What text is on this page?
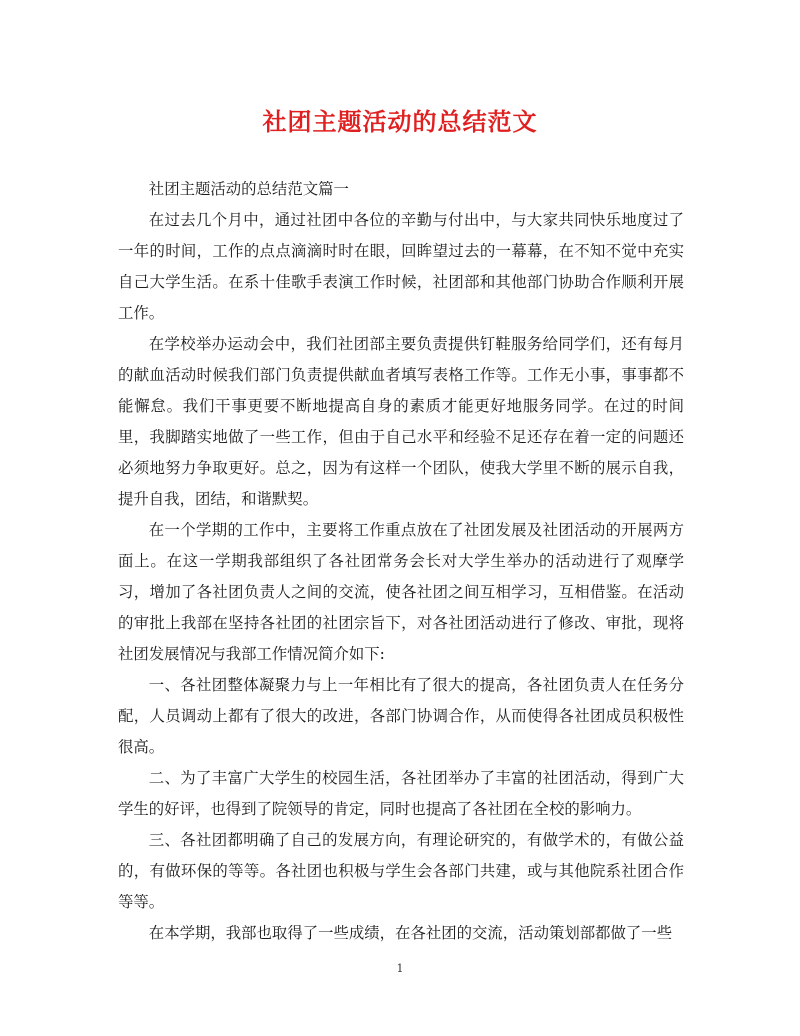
社团主题活动的总结范文

社团主题活动的总结范文篇一

在过去几个月中，通过社团中各位的辛勤与付出中，与大家共同快乐地度过了一年的时间，工作的点点滴滴时时在眼，回眸望过去的一幕幕，在不知不觉中充实自己大学生活。在系十佳歌手表演工作时候，社团部和其他部门协助合作顺利开展工作。

在学校举办运动会中，我们社团部主要负责提供钉鞋服务给同学们，还有每月的献血活动时候我们部门负责提供献血者填写表格工作等。工作无小事，事事都不能懈怠。我们干事更要不断地提高自身的素质才能更好地服务同学。在过的时间里，我脚踏实地做了一些工作，但由于自己水平和经验不足还存在着一定的问题还必须地努力争取更好。总之，因为有这样一个团队，使我大学里不断的展示自我，提升自我，团结，和谐默契。

在一个学期的工作中，主要将工作重点放在了社团发展及社团活动的开展两方面上。在这一学期我部组织了各社团常务会长对大学生举办的活动进行了观摩学习，增加了各社团负责人之间的交流，使各社团之间互相学习，互相借鉴。在活动的审批上我部在坚持各社团的社团宗旨下，对各社团活动进行了修改、审批，现将社团发展情况与我部工作情况简介如下:

一、各社团整体凝聚力与上一年相比有了很大的提高，各社团负责人在任务分配，人员调动上都有了很大的改进，各部门协调合作，从而使得各社团成员积极性很高。

二、为了丰富广大学生的校园生活，各社团举办了丰富的社团活动，得到广大学生的好评，也得到了院领导的肯定，同时也提高了各社团在全校的影响力。

三、各社团都明确了自己的发展方向，有理论研究的，有做学术的，有做公益的，有做环保的等等。各社团也积极与学生会各部门共建，或与其他院系社团合作等等。

在本学期，我部也取得了一些成绩，在各社团的交流，活动策划部都做了一些

1
